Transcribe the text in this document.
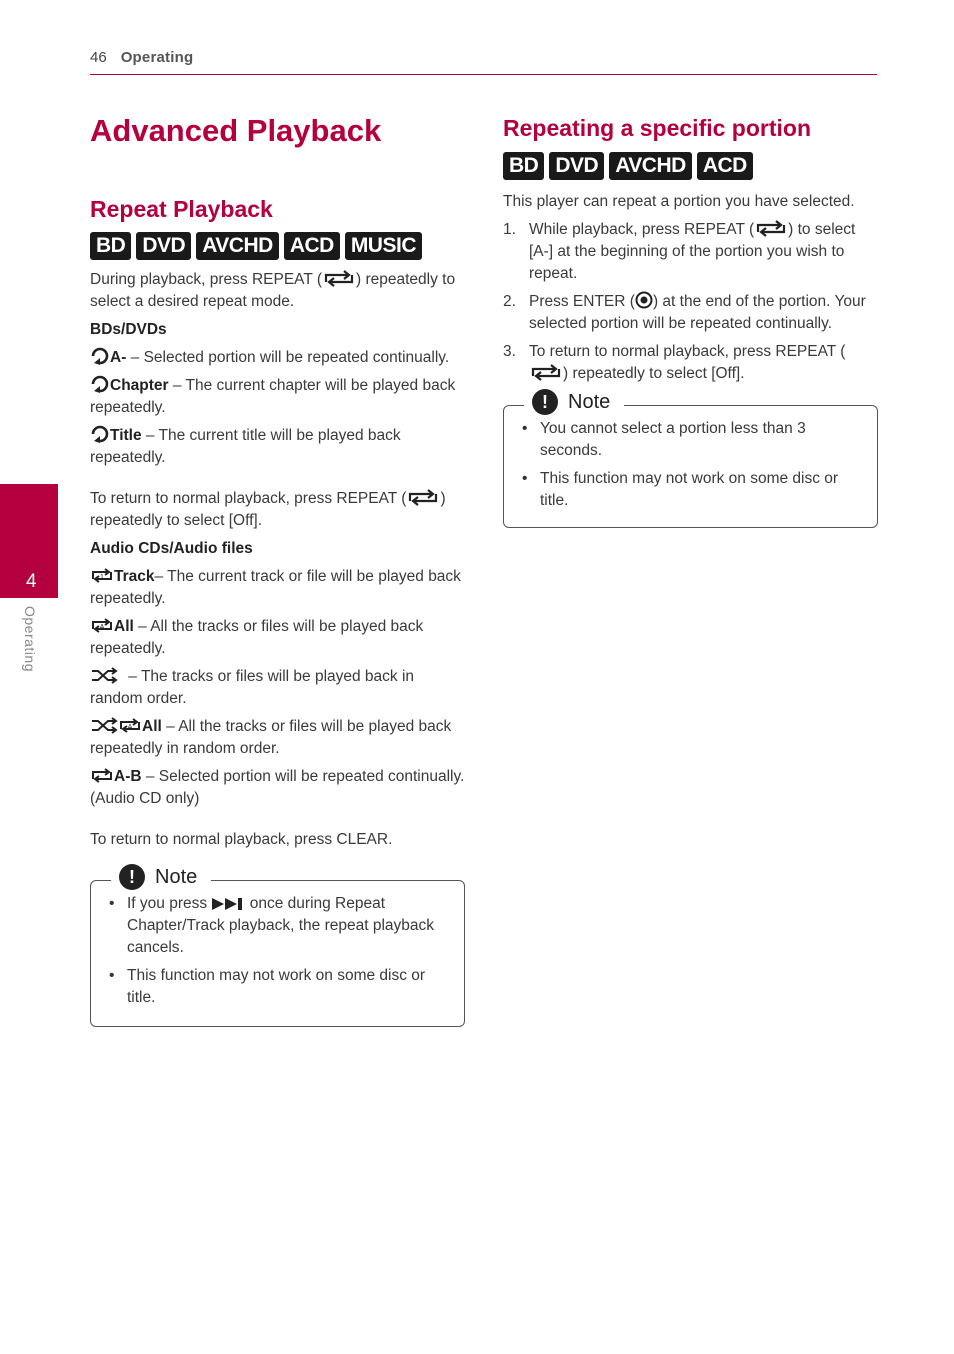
46 Operating
4
Operating
Advanced Playback
Repeat Playback
BD DVD AVCHD ACD MUSIC

During playback, press REPEAT ( ) repeatedly to select a desired repeat mode.

BDs/DVDs

A- – Selected portion will be repeated continually.

Chapter – The current chapter will be played back repeatedly.

Title – The current title will be played back repeatedly.

To return to normal playback, press REPEAT ( ) repeatedly to select [Off].

Audio CDs/Audio files

1 Track– The current track or file will be played back repeatedly.

A All – All the tracks or files will be played back repeatedly.

– The tracks or files will be played back in random order.

A All – All the tracks or files will be played back repeatedly in random order.

A-B – Selected portion will be repeated continually. (Audio CD only)

To return to normal playback, press CLEAR.

!	Note
• If you press  once during Repeat Chapter/Track playback, the repeat playback cancels.
• This function may not work on some disc or title.
Repeating a specific portion
BD DVD AVCHD ACD

This player can repeat a portion you have selected.

1. While playback, press REPEAT ( ) to select [A-] at the beginning of the portion you wish to repeat.
2. Press ENTER ( ) at the end of the portion. Your selected portion will be repeated continually.
3. To return to normal playback, press REPEAT () repeatedly to select [Off].
!	Note
• You cannot select a portion less than 3 seconds.
• This function may not work on some disc or title.
